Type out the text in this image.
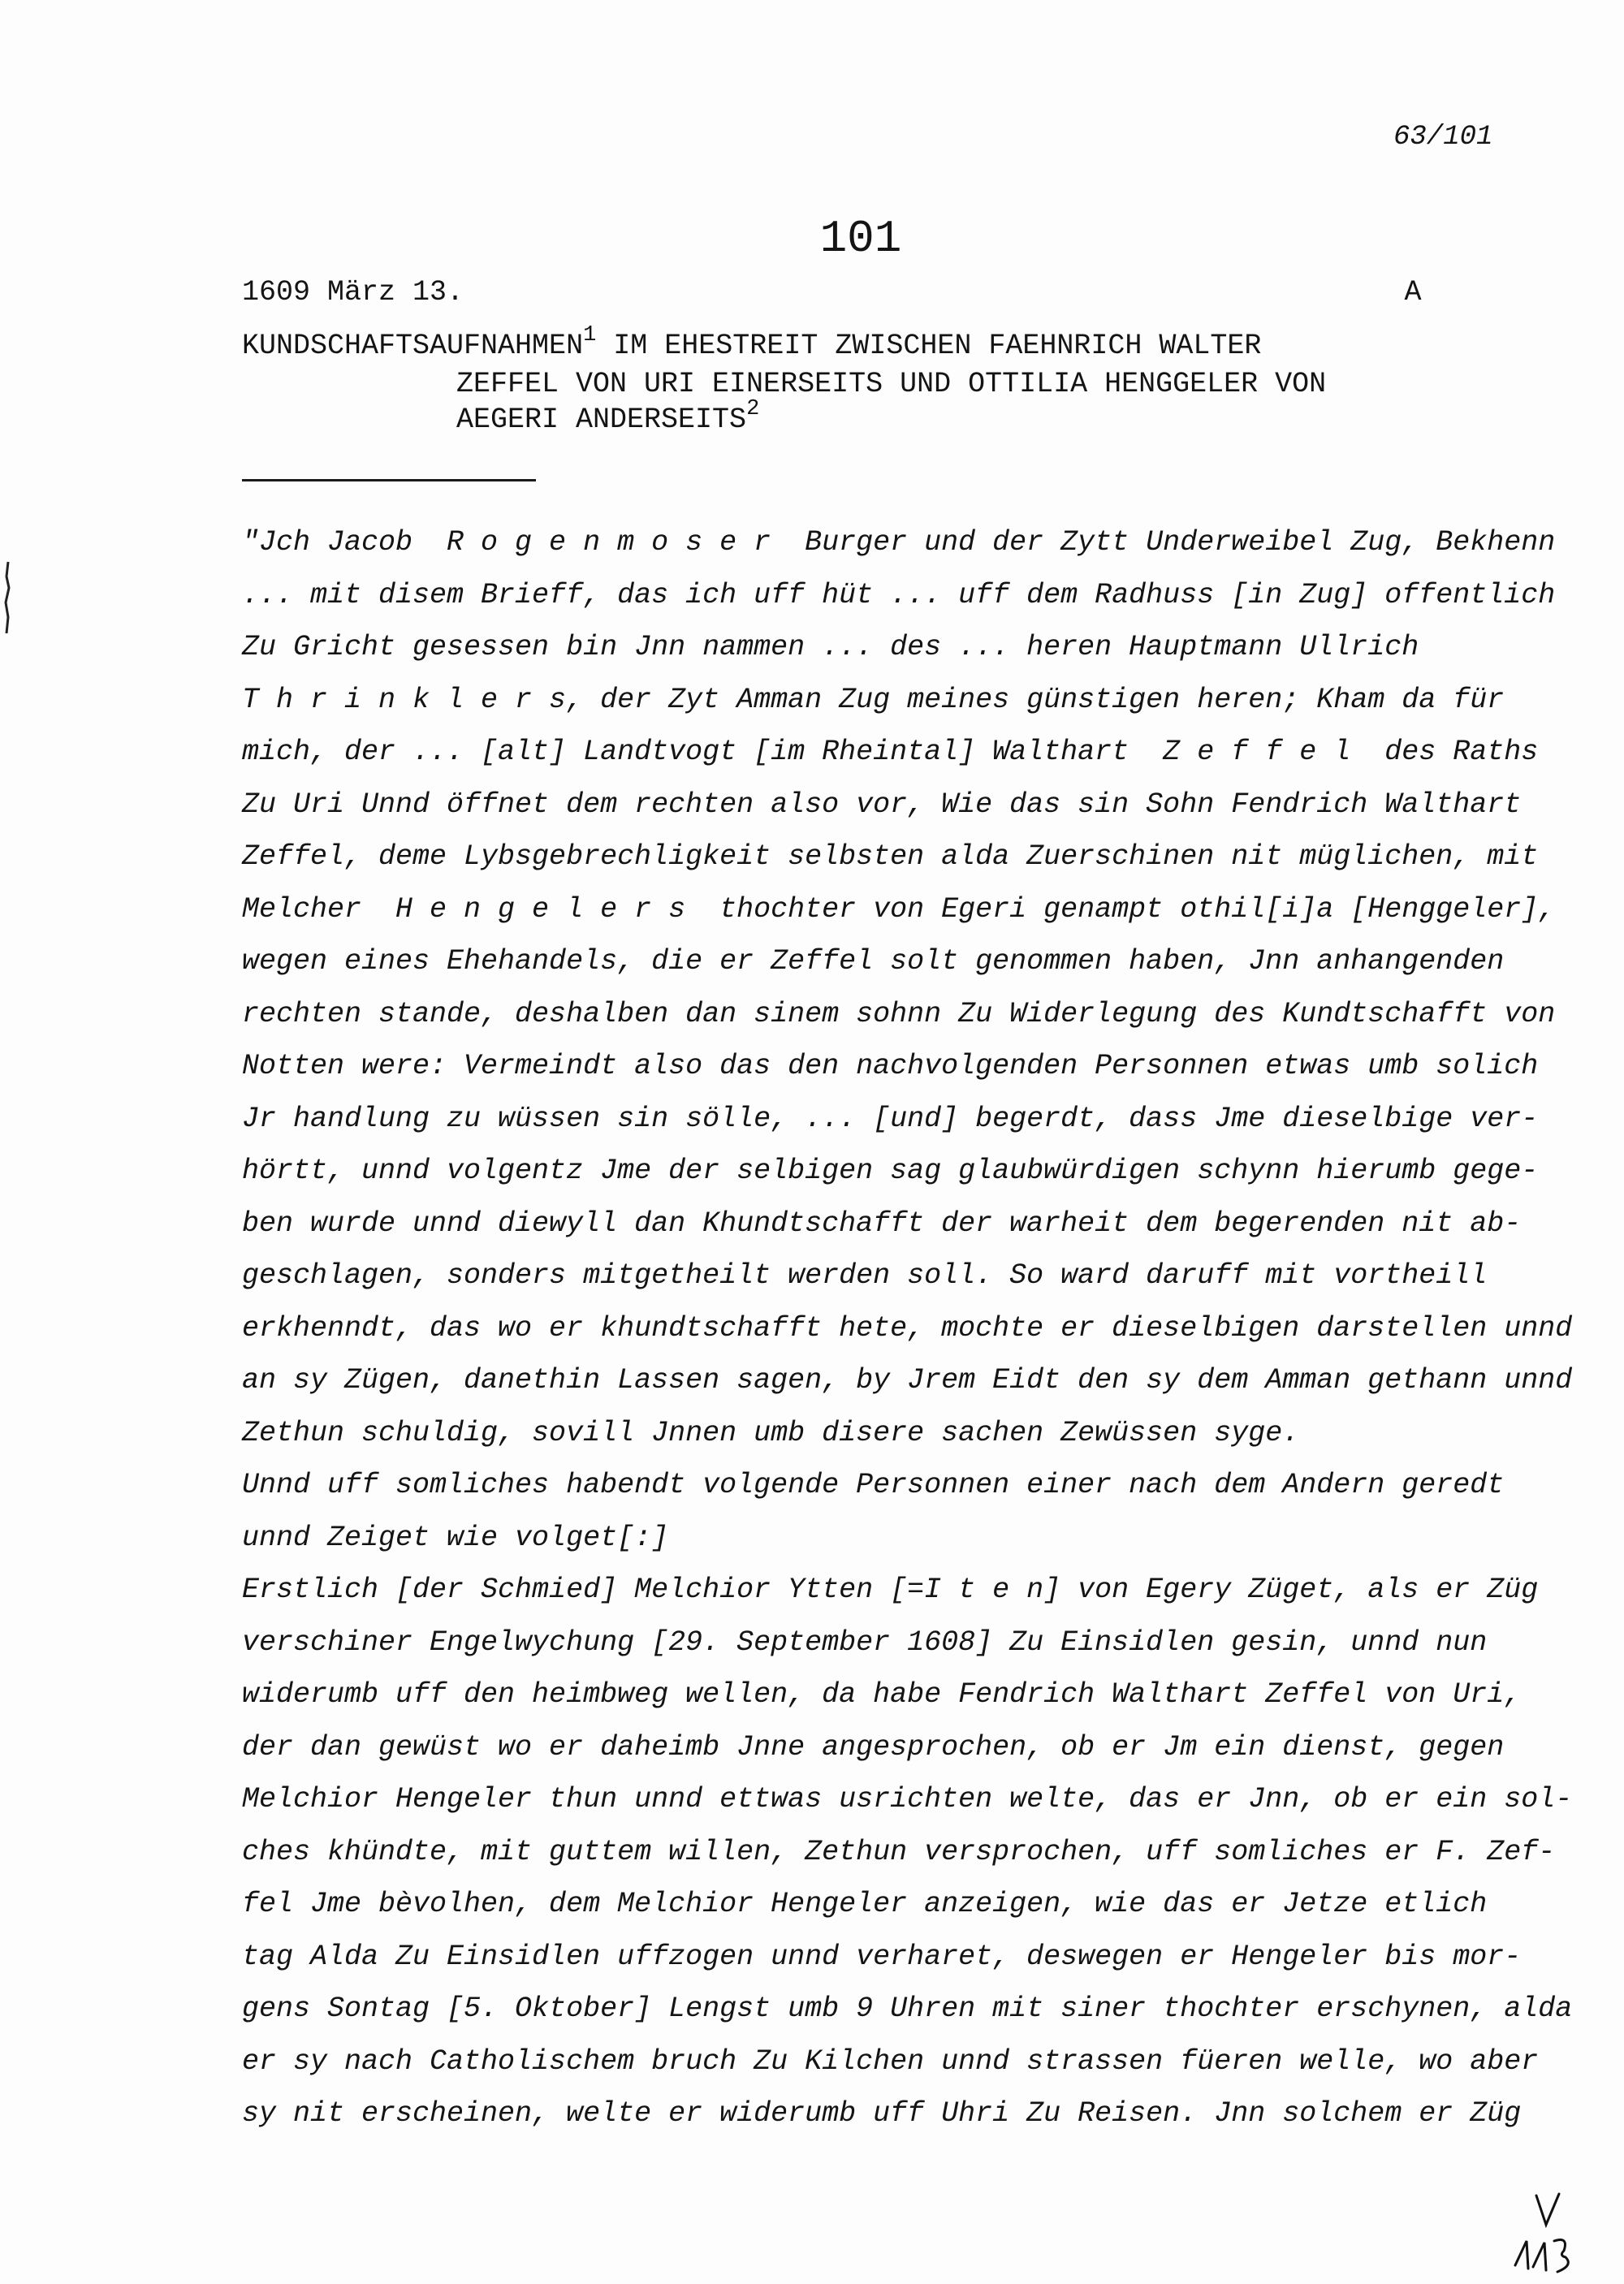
63/101
101
1609 März 13.	A
KUNDSCHAFTSAUFNAHMEN$^1$ IM EHESTREIT ZWISCHEN FAEHNRICH WALTER
ZEFFEL VON URI EINERSEITS UND OTTILIA HENGGELER VON
AEGERI ANDERSEITS$^2$
"Jch Jacob  R o g e n m o s e r  Burger und der Zytt Underweibel Zug, Bekhenn
... mit disem Brieff, das ich uff hüt ... uff dem Radhuss [in Zug] offentlich
Zu Gricht gesessen bin Jnn nammen ... des ... heren Hauptmann Ullrich
T h r i n k l e r s, der Zyt Amman Zug meines günstigen heren; Kham da für
mich, der ... [alt] Landtvogt [im Rheintal] Walthart  Z e f f e l  des Raths
Zu Uri Unnd öffnet dem rechten also vor, Wie das sin Sohn Fendrich Walthart
Zeffel, deme Lybsgebrechligkeit selbsten alda Zuerschinen nit müglichen, mit
Melcher  H e n g e l e r s  thochter von Egeri genampt othil[i]a [Henggeler],
wegen eines Ehehandels, die er Zeffel solt genommen haben, Jnn anhangenden
rechten stande, deshalben dan sinem sohnn Zu Widerlegung des Kundtschafft von
Notten were: Vermeindt also das den nachvolgenden Personnen etwas umb solich
Jr handlung zu wüssen sin sölle, ... [und] begerdt, dass Jme dieselbige ver-
hörtt, unnd volgentz Jme der selbigen sag glaubwürdigen schynn hierumb gege-
ben wurde unnd diewyll dan Khundtschafft der warheit dem begerenden nit ab-
geschlagen, sonders mitgetheilt werden soll. So ward daruff mit vortheill
erkhenndt, das wo er khundtschafft hete, mochte er dieselbigen darstellen unnd
an sy Zügen, danethin Lassen sagen, by Jrem Eidt den sy dem Amman gethann unnd
Zethun schuldig, sovill Jnnen umb disere sachen Zewüssen syge.
Unnd uff somliches habendt volgende Personnen einer nach dem Andern geredt
unnd Zeiget wie volget[:]
Erstlich [der Schmied] Melchior Ytten [=I t e n] von Egery Züget, als er Züg
verschiner Engelwychung [29. September 1608] Zu Einsidlen gesin, unnd nun
widerumb uff den heimbweg wellen, da habe Fendrich Walthart Zeffel von Uri,
der dan gewüst wo er daheimb Jnne angesprochen, ob er Jm ein dienst, gegen
Melchior Hengeler thun unnd ettwas usrichten welte, das er Jnn, ob er ein sol-
ches khündte, mit guttem willen, Zethun versprochen, uff somliches er F. Zef-
fel Jme bèvolhen, dem Melchior Hengeler anzeigen, wie das er Jetze etlich
tag Alda Zu Einsidlen uffzogen unnd verharet, deswegen er Hengeler bis mor-
gens Sontag [5. Oktober] Lengst umb 9 Uhren mit siner thochter erschynen, alda
er sy nach Catholischem bruch Zu Kilchen unnd strassen füeren welle, wo aber
sy nit erscheinen, welte er widerumb uff Uhri Zu Reisen. Jnn solchem er Züg
